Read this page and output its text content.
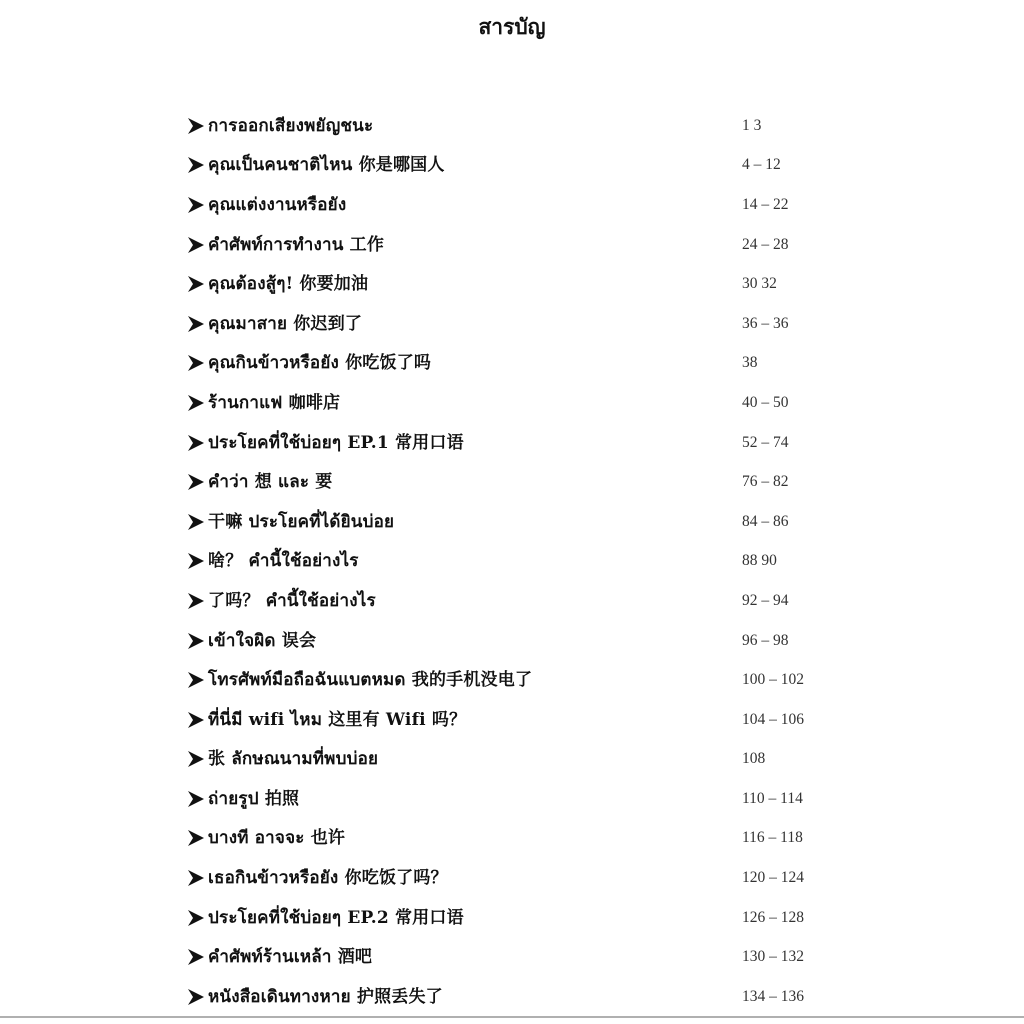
สารบัญ
การออกเสียงพยัญชนะ	1 3
คุณเป็นคนชาติไหน 你是哪国人	4 – 12
คุณแต่งงานหรือยัง	14 – 22
คำศัพท์การทำงาน 工作	24 – 28
คุณต้องสู้ๆ! 你要加油	30 32
คุณมาสาย 你迟到了	36 – 36
คุณกินข้าวหรือยัง 你吃饭了吗	38
ร้านกาแฟ 咖啡店	40 – 50
ประโยคที่ใช้บ่อยๆ EP.1 常用口语	52 – 74
คำว่า 想 และ 要	76 – 82
干嘛 ประโยคที่ได้ยินบ่อย	84 – 86
啥？ คำนี้ใช้อย่างไร	88 90
了吗？ คำนี้ใช้อย่างไร	92 – 94
เข้าใจผิด 误会	96 – 98
โทรศัพท์มือถือฉันแบตหมด 我的手机没电了	100 – 102
ที่นี่มี wifi ไหม 这里有 Wifi 吗？	104 – 106
张 ลักษณนามที่พบบ่อย	108
ถ่ายรูป 拍照	110 – 114
บางที อาจจะ 也许	116 – 118
เธอกินข้าวหรือยัง 你吃饭了吗？	120 – 124
ประโยคที่ใช้บ่อยๆ EP.2 常用口语	126 – 128
คำศัพท์ร้านเหล้า 酒吧	130 – 132
หนังสือเดินทางหาย 护照丢失了	134 – 136
